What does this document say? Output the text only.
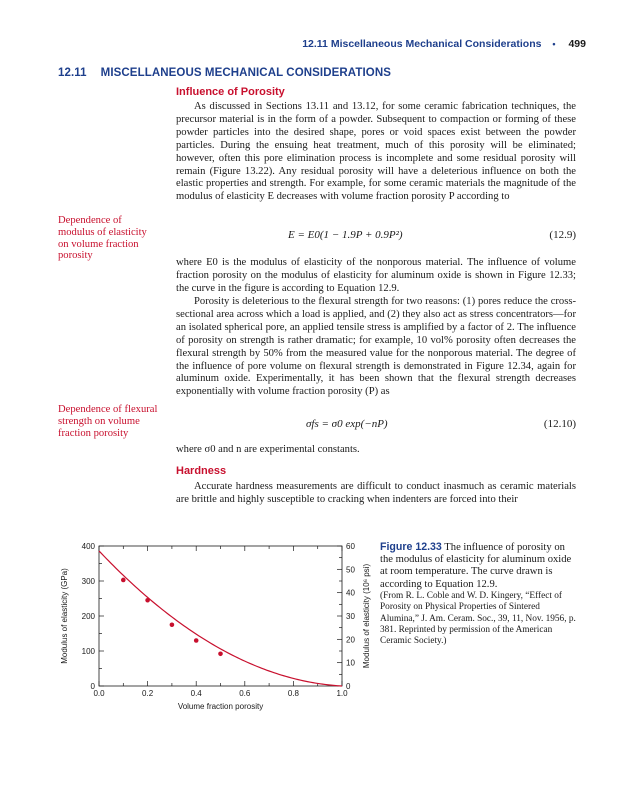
12.11 Miscellaneous Mechanical Considerations • 499
12.11 MISCELLANEOUS MECHANICAL CONSIDERATIONS
Influence of Porosity

As discussed in Sections 13.11 and 13.12, for some ceramic fabrication techniques, the precursor material is in the form of a powder. Subsequent to compaction or forming of these powder particles into the desired shape, pores or void spaces exist between the powder particles. During the ensuing heat treatment, much of this porosity will be eliminated; however, often this pore elimination process is incomplete and some residual porosity will remain (Figure 13.22). Any residual porosity will have a deleterious influence on both the elastic properties and strength. For example, for some ceramic materials the magnitude of the modulus of elasticity E decreases with volume fraction porosity P according to

Dependence of modulus of elasticity on volume fraction porosity

E = E0(1 − 1.9P + 0.9P²)	(12.9)

where E0 is the modulus of elasticity of the nonporous material. The influence of volume fraction porosity on the modulus of elasticity for aluminum oxide is shown in Figure 12.33; the curve in the figure is according to Equation 12.9.

Porosity is deleterious to the flexural strength for two reasons: (1) pores reduce the cross-sectional area across which a load is applied, and (2) they also act as stress concentrators—for an isolated spherical pore, an applied tensile stress is amplified by a factor of 2. The influence of porosity on strength is rather dramatic; for example, 10 vol% porosity often decreases the flexural strength by 50% from the measured value for the nonporous material. The degree of the influence of pore volume on flexural strength is demonstrated in Figure 12.34, again for aluminum oxide. Experimentally, it has been shown that the flexural strength decreases exponentially with volume fraction porosity (P) as

Dependence of flexural strength on volume fraction porosity

σfs = σ0 exp(−nP)	(12.10)

where σ0 and n are experimental constants.

Hardness

Accurate hardness measurements are difficult to conduct inasmuch as ceramic materials are brittle and highly susceptible to cracking when indenters are forced into their

0.0	0.2	0.4	0.6	0.8	1.0
0
100
200
300
400
0
10
20
30
40
50
60
Volume fraction porosity
Modulus of elasticity (GPa)	Modulus of elasticity (10⁶ psi)
Figure 12.33 The influence of porosity on the modulus of elasticity for aluminum oxide at room temperature. The curve drawn is according to Equation 12.9.
(From R. L. Coble and W. D. Kingery, “Effect of Porosity on Physical Properties of Sintered Alumina,” J. Am. Ceram. Soc., 39, 11, Nov. 1956, p. 381. Reprinted by permission of the American Ceramic Society.)
